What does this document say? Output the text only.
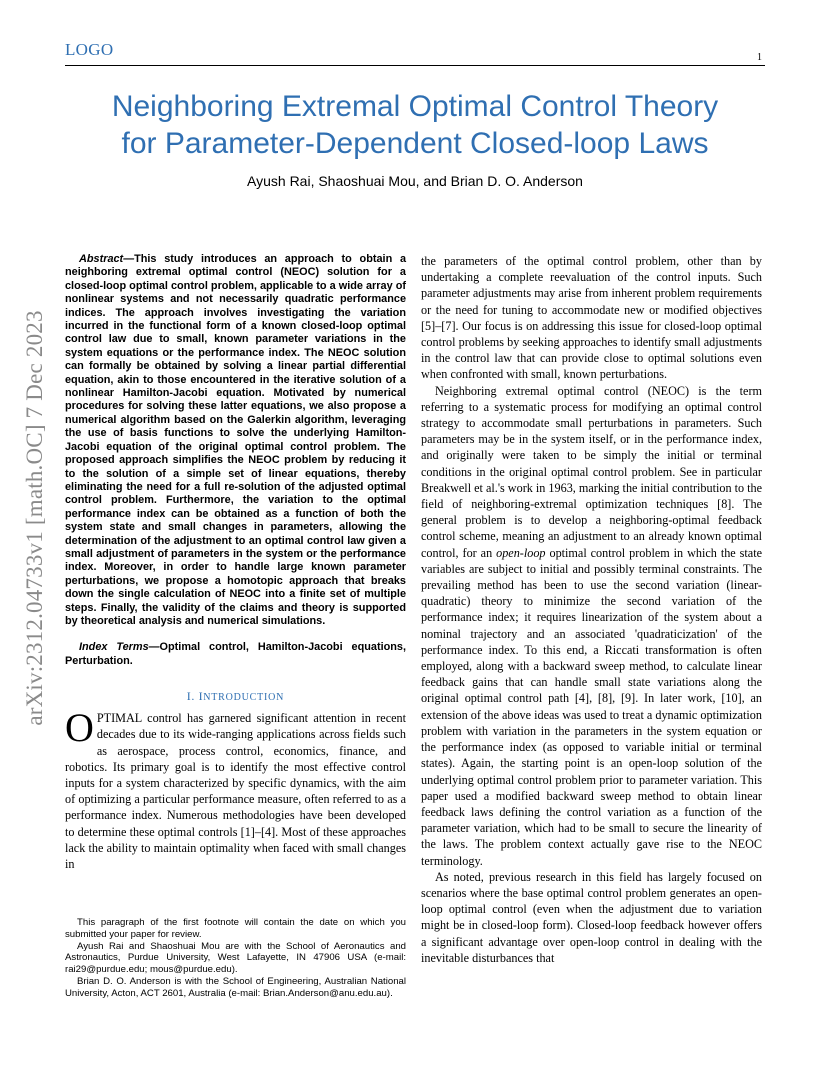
LOGO	1
Neighboring Extremal Optimal Control Theory
for Parameter-Dependent Closed-loop Laws
Ayush Rai, Shaoshuai Mou, and Brian D. O. Anderson
arXiv:2312.04733v1 [math.OC] 7 Dec 2023

Abstract—This study introduces an approach to obtain a neighboring extremal optimal control (NEOC) solution for a closed-loop optimal control problem, applicable to a wide array of nonlinear systems and not necessarily quadratic performance indices. The approach involves investigating the variation incurred in the functional form of a known closed-loop optimal control law due to small, known parameter variations in the system equations or the performance index. The NEOC solution can formally be obtained by solving a linear partial differential equation, akin to those encountered in the iterative solution of a nonlinear Hamilton-Jacobi equation. Motivated by numerical procedures for solving these latter equations, we also propose a numerical algorithm based on the Galerkin algorithm, leveraging the use of basis functions to solve the underlying Hamilton-Jacobi equation of the original optimal control problem. The proposed approach simplifies the NEOC problem by reducing it to the solution of a simple set of linear equations, thereby eliminating the need for a full re-solution of the adjusted optimal control problem. Furthermore, the variation to the optimal performance index can be obtained as a function of both the system state and small changes in parameters, allowing the determination of the adjustment to an optimal control law given a small adjustment of parameters in the system or the performance index. Moreover, in order to handle large known parameter perturbations, we propose a homotopic approach that breaks down the single calculation of NEOC into a finite set of multiple steps. Finally, the validity of the claims and theory is supported by theoretical analysis and numerical simulations.

Index Terms—Optimal control, Hamilton-Jacobi equations, Perturbation.

I. INTRODUCTION

OPTIMAL control has garnered significant attention in recent decades due to its wide-ranging applications across fields such as aerospace, process control, economics, finance, and robotics. Its primary goal is to identify the most effective control inputs for a system characterized by specific dynamics, with the aim of optimizing a particular performance measure, often referred to as a performance index. Numerous methodologies have been developed to determine these optimal controls [1]–[4]. Most of these approaches lack the ability to maintain optimality when faced with small changes in

This paragraph of the first footnote will contain the date on which you submitted your paper for review.

Ayush Rai and Shaoshuai Mou are with the School of Aeronautics and Astronautics, Purdue University, West Lafayette, IN 47906 USA (e-mail: rai29@purdue.edu; mous@purdue.edu).

Brian D. O. Anderson is with the School of Engineering, Australian National University, Acton, ACT 2601, Australia (e-mail: Brian.Anderson@anu.edu.au).

the parameters of the optimal control problem, other than by undertaking a complete reevaluation of the control inputs. Such parameter adjustments may arise from inherent problem requirements or the need for tuning to accommodate new or modified objectives [5]–[7]. Our focus is on addressing this issue for closed-loop optimal control problems by seeking approaches to identify small adjustments in the control law that can provide close to optimal solutions even when confronted with small, known perturbations.

Neighboring extremal optimal control (NEOC) is the term referring to a systematic process for modifying an optimal control strategy to accommodate small perturbations in parameters. Such parameters may be in the system itself, or in the performance index, and originally were taken to be simply the initial or terminal conditions in the original optimal control problem. See in particular Breakwell et al.'s work in 1963, marking the initial contribution to the field of neighboring-extremal optimization techniques [8]. The general problem is to develop a neighboring-optimal feedback control scheme, meaning an adjustment to an already known optimal control, for an open-loop optimal control problem in which the state variables are subject to initial and possibly terminal constraints. The prevailing method has been to use the second variation (linear-quadratic) theory to minimize the second variation of the performance index; it requires linearization of the system about a nominal trajectory and an associated 'quadraticization' of the performance index. To this end, a Riccati transformation is often employed, along with a backward sweep method, to calculate linear feedback gains that can handle small state variations along the original optimal control path [4], [8], [9]. In later work, [10], an extension of the above ideas was used to treat a dynamic optimization problem with variation in the parameters in the system equation or the performance index (as opposed to variable initial or terminal states). Again, the starting point is an open-loop solution of the underlying optimal control problem prior to parameter variation. This paper used a modified backward sweep method to obtain linear feedback laws defining the control variation as a function of the parameter variation, which had to be small to secure the linearity of the laws. The problem context actually gave rise to the NEOC terminology.

As noted, previous research in this field has largely focused on scenarios where the base optimal control problem generates an open-loop optimal control (even when the adjustment due to variation might be in closed-loop form). Closed-loop feedback however offers a significant advantage over open-loop control in dealing with the inevitable disturbances that
